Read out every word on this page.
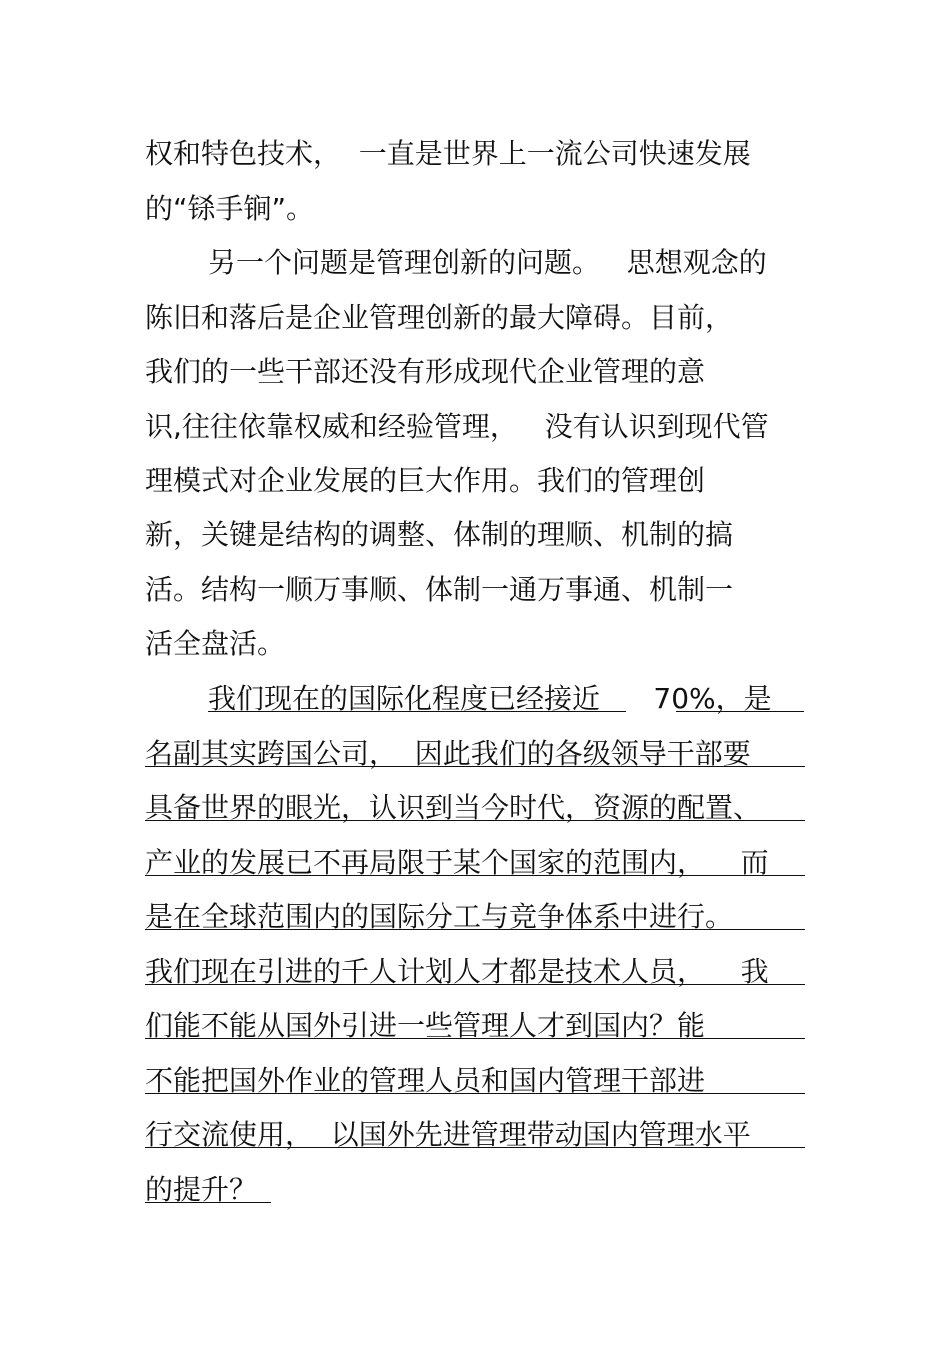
权和特色技术，  一直是世界上一流公司快速发展
的“铩手锏”。
另一个问题是管理创新的问题。   思想观念的
陈旧和落后是企业管理创新的最大障碍。目前，
我们的一些干部还没有形成现代企业管理的意
识,往往依靠权威和经验管理，   没有认识到现代管
理模式对企业发展的巨大作用。我们的管理创
新，关键是结构的调整、体制的理顺、机制的搞
活。结构一顺万事顺、体制一通万事通、机制一
活全盘活。
我们现在的国际化程度已经接近      70%，是
名副其实跨国公司，  因此我们的各级领导干部要
具备世界的眼光，认识到当今时代，资源的配置、
产业的发展已不再局限于某个国家的范围内，    而
是在全球范围内的国际分工与竞争体系中进行。
我们现在引进的千人计划人才都是技术人员，    我
们能不能从国外引进一些管理人才到国内？能
不能把国外作业的管理人员和国内管理干部进
行交流使用，  以国外先进管理带动国内管理水平
的提升？
